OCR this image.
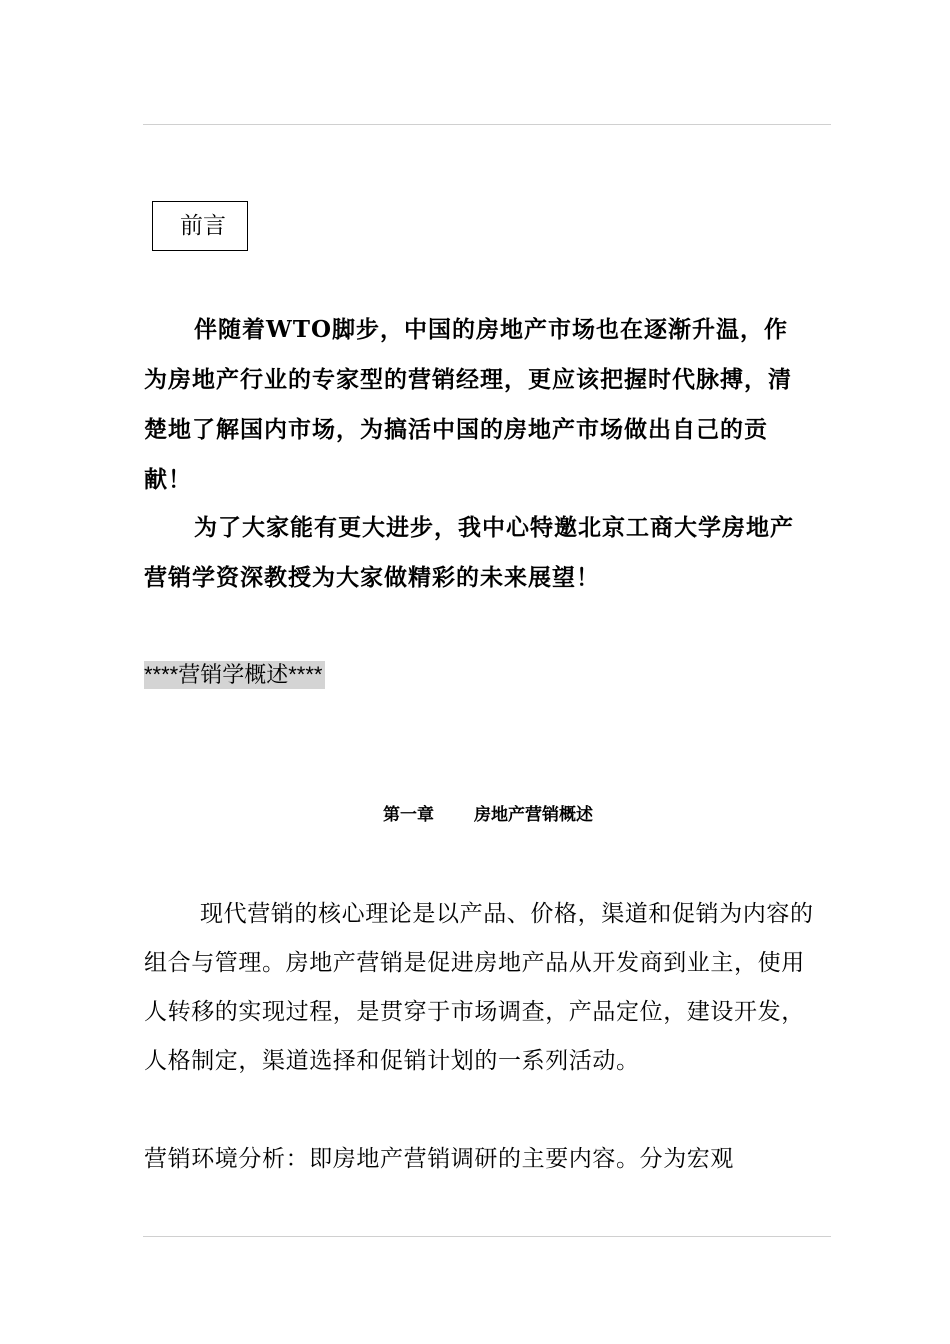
前言

伴随着WTO脚步，中国的房地产市场也在逐渐升温，作为房地产行业的专家型的营销经理，更应该把握时代脉搏，清楚地了解国内市场，为搞活中国的房地产市场做出自己的贡献！

为了大家能有更大进步，我中心特邀北京工商大学房地产营销学资深教授为大家做精彩的未来展望！

****营销学概述****
第一章 房地产营销概述

现代营销的核心理论是以产品、价格，渠道和促销为内容的组合与管理。房地产营销是促进房地产品从开发商到业主，使用人转移的实现过程，是贯穿于市场调查，产品定位，建设开发，人格制定，渠道选择和促销计划的一系列活动。

营销环境分析：即房地产营销调研的主要内容。分为宏观
